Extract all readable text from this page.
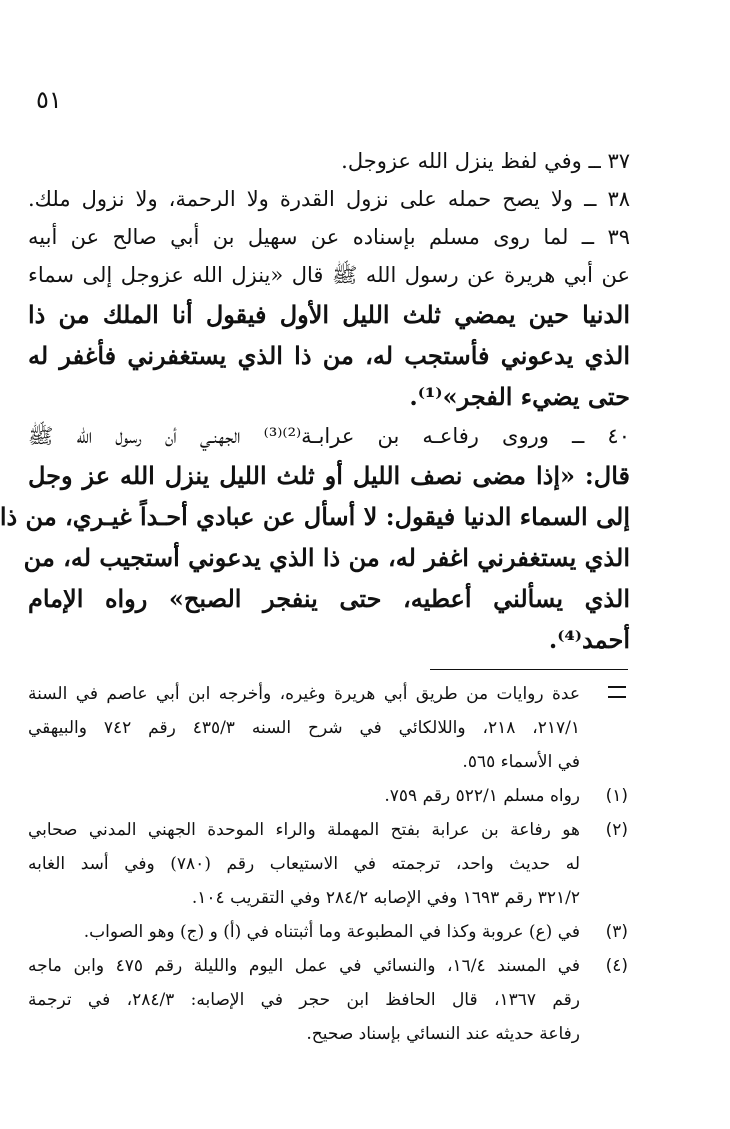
٥١
٣٧ ــ وفي لفظ ينزل الله عزوجل.
٣٨ ــ ولا يصح حمله على نزول القدرة ولا الرحمة، ولا نزول ملك.
٣٩ ــ لما روى مسلم بإسناده عن سهيل بن أبي صالح عن أبيه
عن أبي هريرة عن رسول الله ﷺ قال «ينزل الله عزوجل إلى سماء
الدنيا حين يمضي ثلث الليل الأول فيقول أنا الملك من ذا
الذي يدعوني فأستجب له، من ذا الذي يستغفرني فأغفر له
حتى يضيء الفجر»⁽¹⁾.
٤٠ ــ وروى رفاعـه بن عرابـة⁽²⁾⁽³⁾ الجهنـي أن رسول الله ﷺ
قال: «إذا مضى نصف الليل أو ثلث الليل ينزل الله عز وجل
إلى السماء الدنيا فيقول: لا أسأل عن عبادي أحـداً غيـري، من ذا
الذي يستغفرني اغفر له، من ذا الذي يدعوني أستجيب له، من
الذي يسألني أعطيه، حتى ينفجر الصبح» رواه الإمام
أحمد⁽⁴⁾.
عدة روايات من طريق أبي هريرة وغيره، وأخرجه ابن أبي عاصم في السنة
٢١٧/١، ٢١٨، واللالكائي في شرح السنه ٤٣٥/٣ رقم ٧٤٢ والبيهقي
في الأسماء ٥٦٥.
(١)
رواه مسلم ٥٢٢/١ رقم ٧٥٩.
(٢)
هو رفاعة بن عرابة بفتح المهملة والراء الموحدة الجهني المدني صحابي
له حديث واحد، ترجمته في الاستيعاب رقم (٧٨٠) وفي أسد الغابه
٣٢١/٢ رقم ١٦٩٣ وفي الإصابه ٢٨٤/٢ وفي التقريب ١٠٤.
(٣)
في (ع) عروبة وكذا في المطبوعة وما أثبتناه في (أ) و (ج) وهو الصواب.
(٤)
في المسند ١٦/٤، والنسائي في عمل اليوم والليلة رقم ٤٧٥ وابن ماجه
رقم ١٣٦٧، قال الحافظ ابن حجر في الإصابه: ٢٨٤/٣، في ترجمة
رفاعة حديثه عند النسائي بإسناد صحيح.
